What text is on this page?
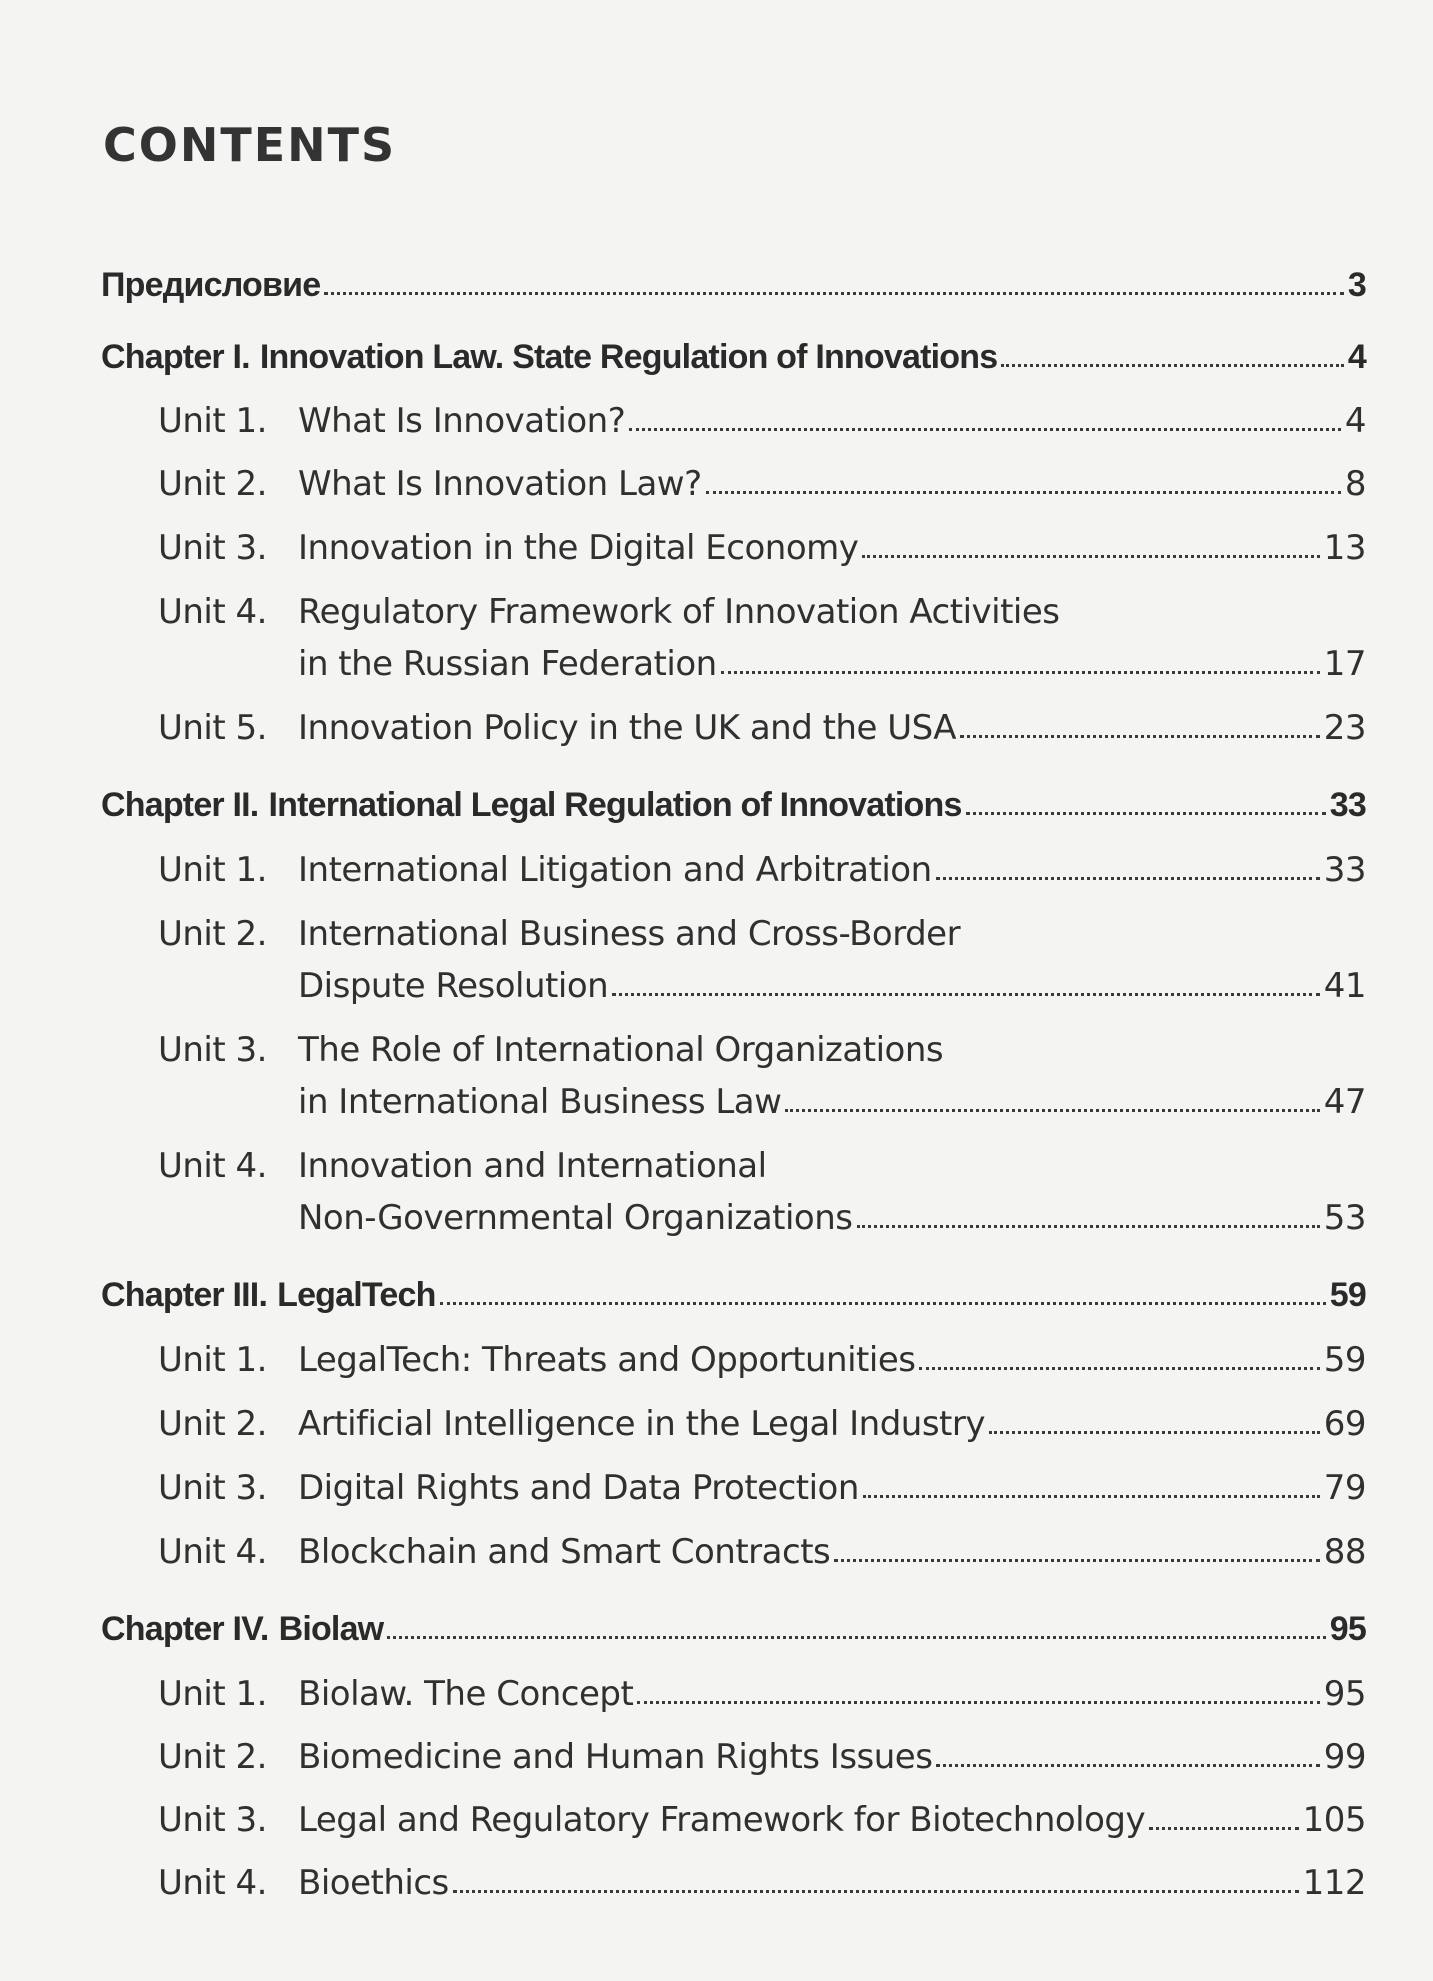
CONTENTS
Предисловие	3
Chapter I. Innovation Law. State Regulation of Innovations	4
Unit 1. What Is Innovation?	4
Unit 2. What Is Innovation Law?	8
Unit 3. Innovation in the Digital Economy	13
Unit 4. Regulatory Framework of Innovation Activities
in the Russian Federation	17
Unit 5. Innovation Policy in the UK and the USA	23
Chapter II. International Legal Regulation of Innovations	33
Unit 1. International Litigation and Arbitration	33
Unit 2. International Business and Cross-Border
Dispute Resolution	41
Unit 3. The Role of International Organizations
in International Business Law	47
Unit 4. Innovation and International
Non-Governmental Organizations	53
Chapter III. LegalTech	59
Unit 1. LegalTech: Threats and Opportunities	59
Unit 2. Artificial Intelligence in the Legal Industry	69
Unit 3. Digital Rights and Data Protection	79
Unit 4. Blockchain and Smart Contracts	88
Chapter IV. Biolaw	95
Unit 1. Biolaw. The Concept	95
Unit 2. Biomedicine and Human Rights Issues	99
Unit 3. Legal and Regulatory Framework for Biotechnology	105
Unit 4. Bioethics	112
